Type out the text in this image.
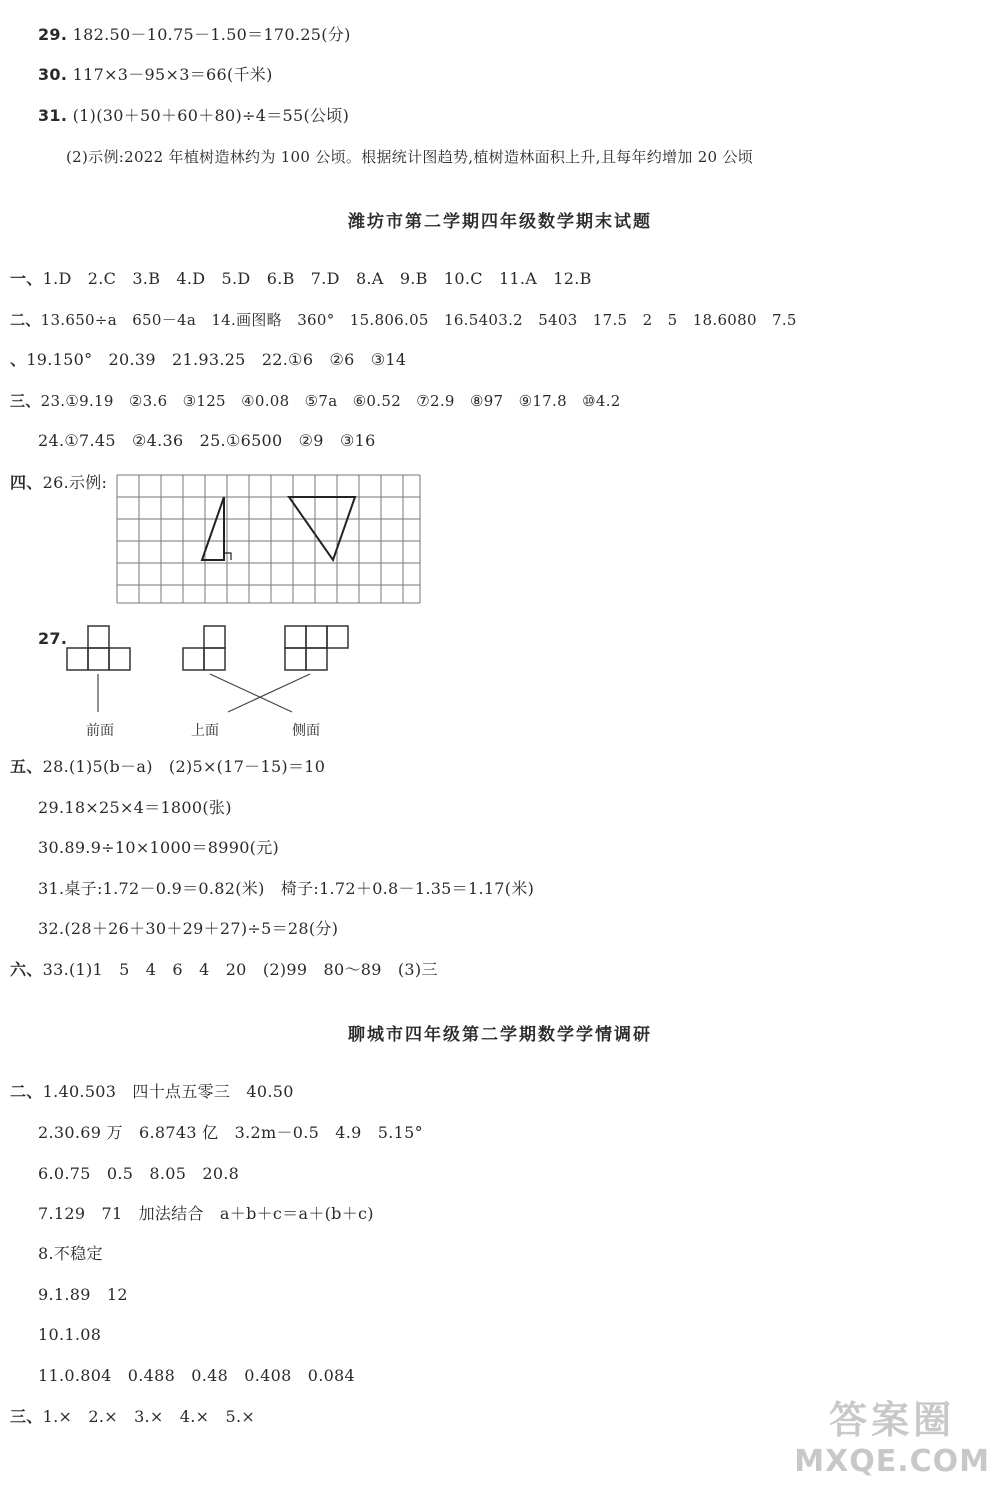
29. 182.50－10.75－1.50＝170.25(分)
30. 117×3－95×3＝66(千米)
31. (1)(30＋50＋60＋80)÷4＝55(公顷)
(2)示例:2022 年植树造林约为 100 公顷。根据统计图趋势,植树造林面积上升,且每年约增加 20 公顷
潍坊市第二学期四年级数学期末试题
一、1.D   2.C   3.B   4.D   5.D   6.B   7.D   8.A   9.B   10.C   11.A   12.B
二、13.650÷a   650－4a   14.画图略   360°   15.806.05   16.5403.2   5403   17.5   2   5   18.6080   7.5
、19.150°   20.39   21.93.25   22.①6   ②6   ③14
三、23.①9.19   ②3.6   ③125   ④0.08   ⑤7a   ⑥0.52   ⑦2.9   ⑧97   ⑨17.8   ⑩4.2
24.①7.45   ②4.36   25.①6500   ②9   ③16
四、26.示例:
27.
前面	上面	侧面
五、28.(1)5(b－a)   (2)5×(17－15)＝10
29.18×25×4＝1800(张)
30.89.9÷10×1000＝8990(元)
31.桌子:1.72－0.9＝0.82(米)   椅子:1.72＋0.8－1.35＝1.17(米)
32.(28＋26＋30＋29＋27)÷5＝28(分)
六、33.(1)1   5   4   6   4   20   (2)99   80～89   (3)三
聊城市四年级第二学期数学学情调研
二、1.40.503   四十点五零三   40.50
2.30.69 万   6.8743 亿   3.2m－0.5   4.9   5.15°
6.0.75   0.5   8.05   20.8
7.129   71   加法结合   a＋b＋c＝a＋(b＋c)
8.不稳定
9.1.89   12
10.1.08
11.0.804   0.488   0.48   0.408   0.084
三、1.×   2.×   3.×   4.×   5.×	答案圈
MXQE.COM
